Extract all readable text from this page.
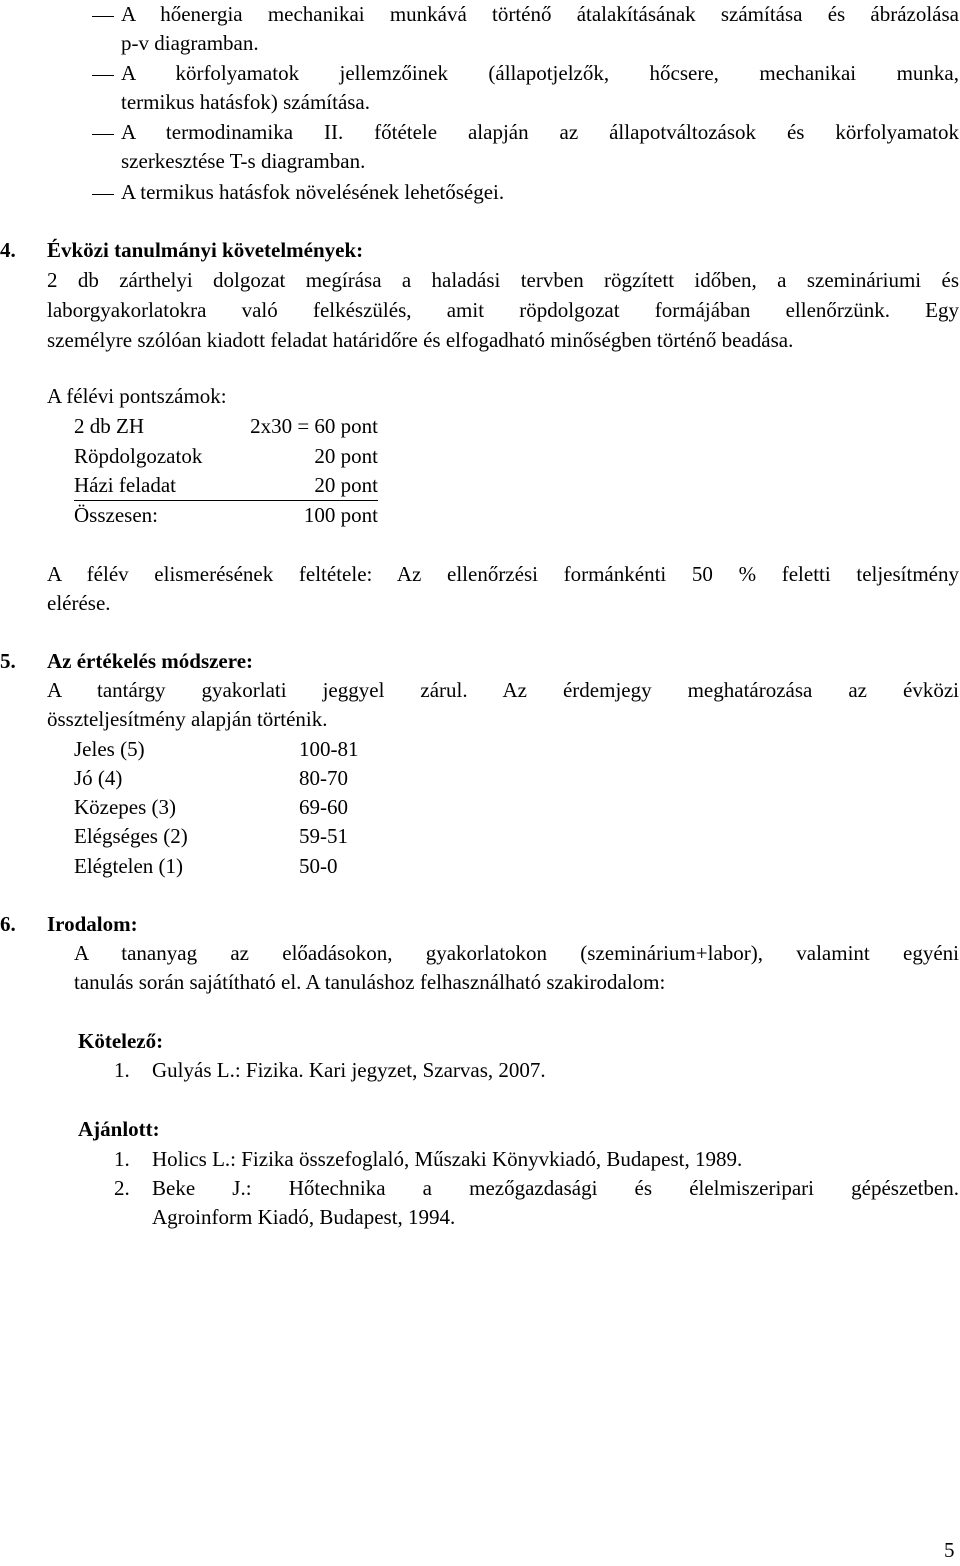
A hőenergia mechanikai munkává történő átalakításának számítása és ábrázolása
p-v diagramban.
A körfolyamatok jellemzőinek (állapotjelzők, hőcsere, mechanikai munka,
termikus hatásfok) számítása.
A termodinamika II. főtétele alapján az állapotváltozások és körfolyamatok
szerkesztése T-s diagramban.
A termikus hatásfok növelésének lehetőségei.
4. Évközi tanulmányi követelmények:
2 db zárthelyi dolgozat megírása a haladási tervben rögzített időben, a szemináriumi és
laborgyakorlatokra való felkészülés, amit röpdolgozat formájában ellenőrzünk. Egy
személyre szólóan kiadott feladat határidőre és elfogadható minőségben történő beadása.
A félévi pontszámok:
2 db ZH	2x30 = 60 pont
Röpdolgozatok	20 pont
Házi feladat	20 pont
Összesen:	100 pont
A félév elismerésének feltétele: Az ellenőrzési formánkénti 50 % feletti teljesítmény
elérése.
5. Az értékelés módszere:
A tantárgy gyakorlati jeggyel zárul. Az érdemjegy meghatározása az évközi
összteljesítmény alapján történik.
Jeles (5)	100-81
Jó (4)	80-70
Közepes (3)	69-60
Elégséges (2)	59-51
Elégtelen (1)	50-0
6. Irodalom:
A tananyag az előadásokon, gyakorlatokon (szeminárium+labor), valamint egyéni
tanulás során sajátítható el. A tanuláshoz felhasználható szakirodalom:
Kötelező:
1. Gulyás L.: Fizika. Kari jegyzet, Szarvas, 2007.
Ajánlott:
1. Holics L.: Fizika összefoglaló, Műszaki Könyvkiadó, Budapest, 1989.
2. Beke J.: Hőtechnika a mezőgazdasági és élelmiszeripari gépészetben.
Agroinform Kiadó, Budapest, 1994.
5
